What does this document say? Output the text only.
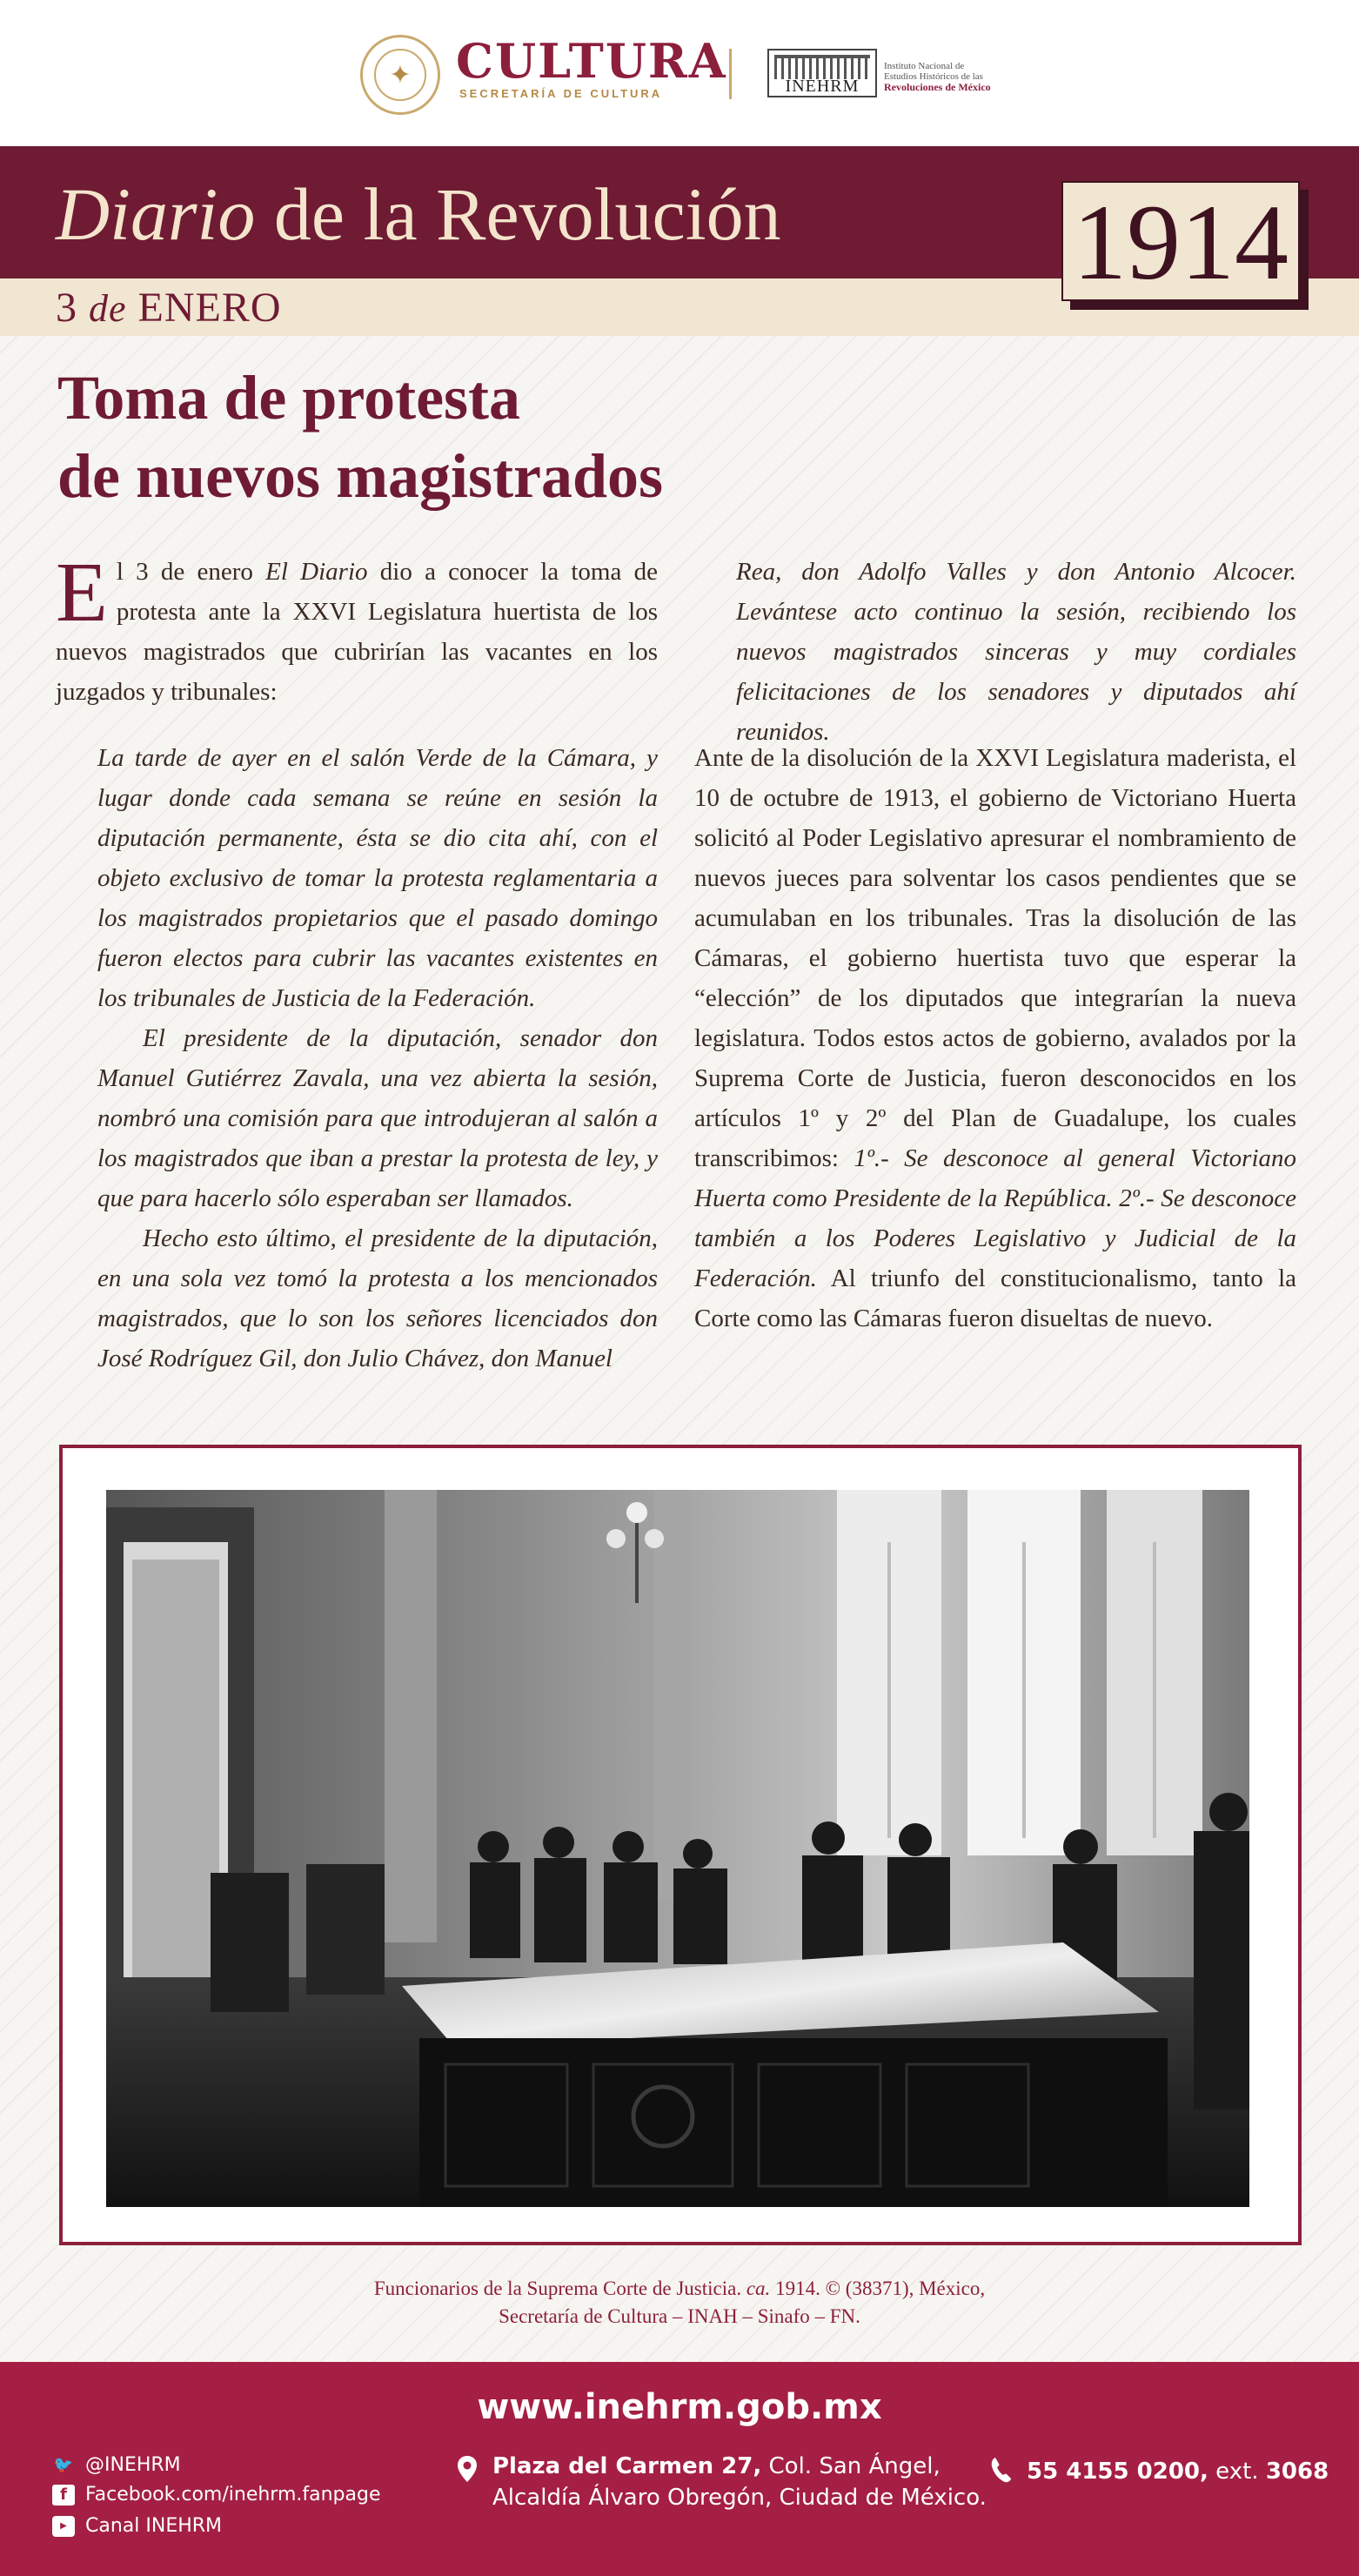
✦ CULTURA
SECRETARÍA DE CULTURA	INEHRM
Instituto Nacional de
Estudios Históricos de las
Revoluciones de México
Diario de la Revolución
3 de ENERO
1914
Toma de protesta
de nuevos magistrados

El 3 de enero El Diario dio a conocer la toma de protesta ante la XXVI Legislatura huertista de los nuevos magistrados que cubrirían las vacantes en los juzgados y tribunales:

La tarde de ayer en el salón Verde de la Cámara, y lugar donde cada semana se reúne en sesión la diputación permanente, ésta se dio cita ahí, con el objeto exclusivo de tomar la protesta reglamentaria a los magistrados propietarios que el pasado domingo fueron electos para cubrir las vacantes existentes en los tribunales de Justicia de la Federación.

El presidente de la diputación, senador don Manuel Gutiérrez Zavala, una vez abierta la sesión, nombró una comisión para que introdujeran al salón a los magistrados que iban a prestar la protesta de ley, y que para hacerlo sólo esperaban ser llamados.

Hecho esto último, el presidente de la diputación, en una sola vez tomó la protesta a los mencionados magistrados, que lo son los señores licenciados don José Rodríguez Gil, don Julio Chávez, don Manuel

Rea, don Adolfo Valles y don Antonio Alcocer. Levántese acto continuo la sesión, recibiendo los nuevos magistrados sinceras y muy cordiales felicitaciones de los senadores y diputados ahí reunidos.

Ante de la disolución de la XXVI Legislatura maderista, el 10 de octubre de 1913, el gobierno de Victoriano Huerta solicitó al Poder Legislativo apresurar el nombramiento de nuevos jueces para solventar los casos pendientes que se acumulaban en los tribunales. Tras la disolución de las Cámaras, el gobierno huertista tuvo que esperar la “elección” de los diputados que integrarían la nueva legislatura. Todos estos actos de gobierno, avalados por la Suprema Corte de Justicia, fueron desconocidos en los artículos 1º y 2º del Plan de Guadalupe, los cuales transcribimos: 1º.- Se desconoce al general Victoriano Huerta como Presidente de la República. 2º.- Se desconoce también a los Poderes Legislativo y Judicial de la Federación. Al triunfo del constitucionalismo, tanto la Corte como las Cámaras fueron disueltas de nuevo.

Funcionarios de la Suprema Corte de Justicia. ca. 1914. © (38371), México,
Secretaría de Cultura – INAH – Sinafo – FN.
www.inehrm.gob.mx
🐦 @INEHRM
f Facebook.com/inehrm.fanpage
▶ Canal INEHRM
Plaza del Carmen 27, Col. San Ángel,
Alcaldía Álvaro Obregón, Ciudad de México.
55 4155 0200, ext. 3068
